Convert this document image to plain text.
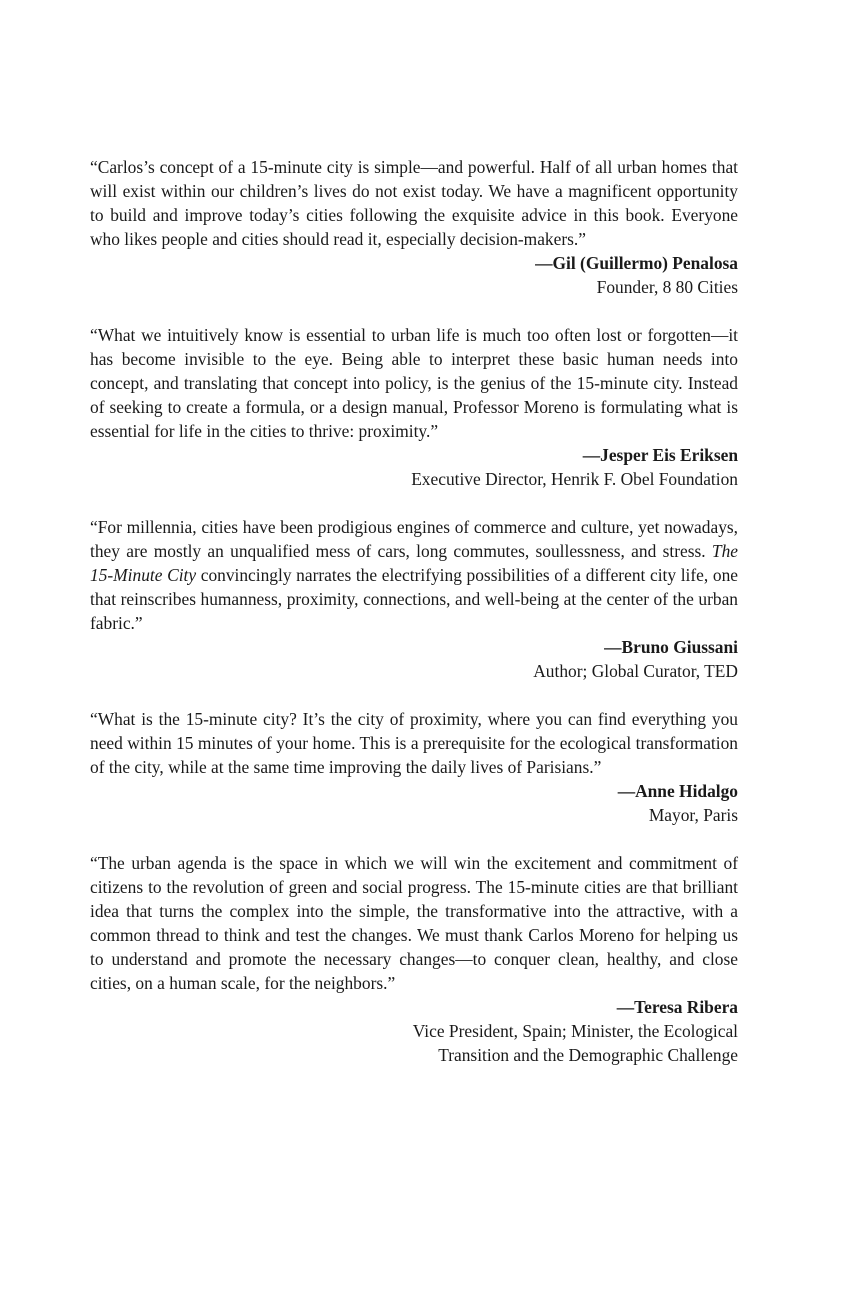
“Carlos’s concept of a 15-minute city is simple—and powerful. Half of all urban homes that will exist within our children’s lives do not exist today. We have a magnificent opportunity to build and improve today’s cities following the exquisite advice in this book. Everyone who likes people and cities should read it, especially decision-makers.”

—Gil (Guillermo) Penalosa
Founder, 8 80 Cities

“What we intuitively know is essential to urban life is much too often lost or forgotten—it has become invisible to the eye. Being able to interpret these basic human needs into concept, and translating that concept into policy, is the genius of the 15-minute city. Instead of seeking to create a formula, or a design manual, Professor Moreno is formulating what is essential for life in the cities to thrive: proximity.”

—Jesper Eis Eriksen
Executive Director, Henrik F. Obel Foundation

“For millennia, cities have been prodigious engines of commerce and culture, yet nowadays, they are mostly an unqualified mess of cars, long commutes, soullessness, and stress. The 15-Minute City convincingly narrates the electrifying possibilities of a different city life, one that reinscribes humanness, proximity, connections, and well-being at the center of the urban fabric.”

—Bruno Giussani
Author; Global Curator, TED

“What is the 15-minute city? It’s the city of proximity, where you can find everything you need within 15 minutes of your home. This is a prerequisite for the ecological transformation of the city, while at the same time improving the daily lives of Parisians.”

—Anne Hidalgo
Mayor, Paris

“The urban agenda is the space in which we will win the excitement and commitment of citizens to the revolution of green and social progress. The 15-minute cities are that brilliant idea that turns the complex into the simple, the transformative into the attractive, with a common thread to think and test the changes. We must thank Carlos Moreno for helping us to understand and promote the necessary changes—to conquer clean, healthy, and close cities, on a human scale, for the neighbors.”

—Teresa Ribera
Vice President, Spain; Minister, the Ecological
Transition and the Demographic Challenge
